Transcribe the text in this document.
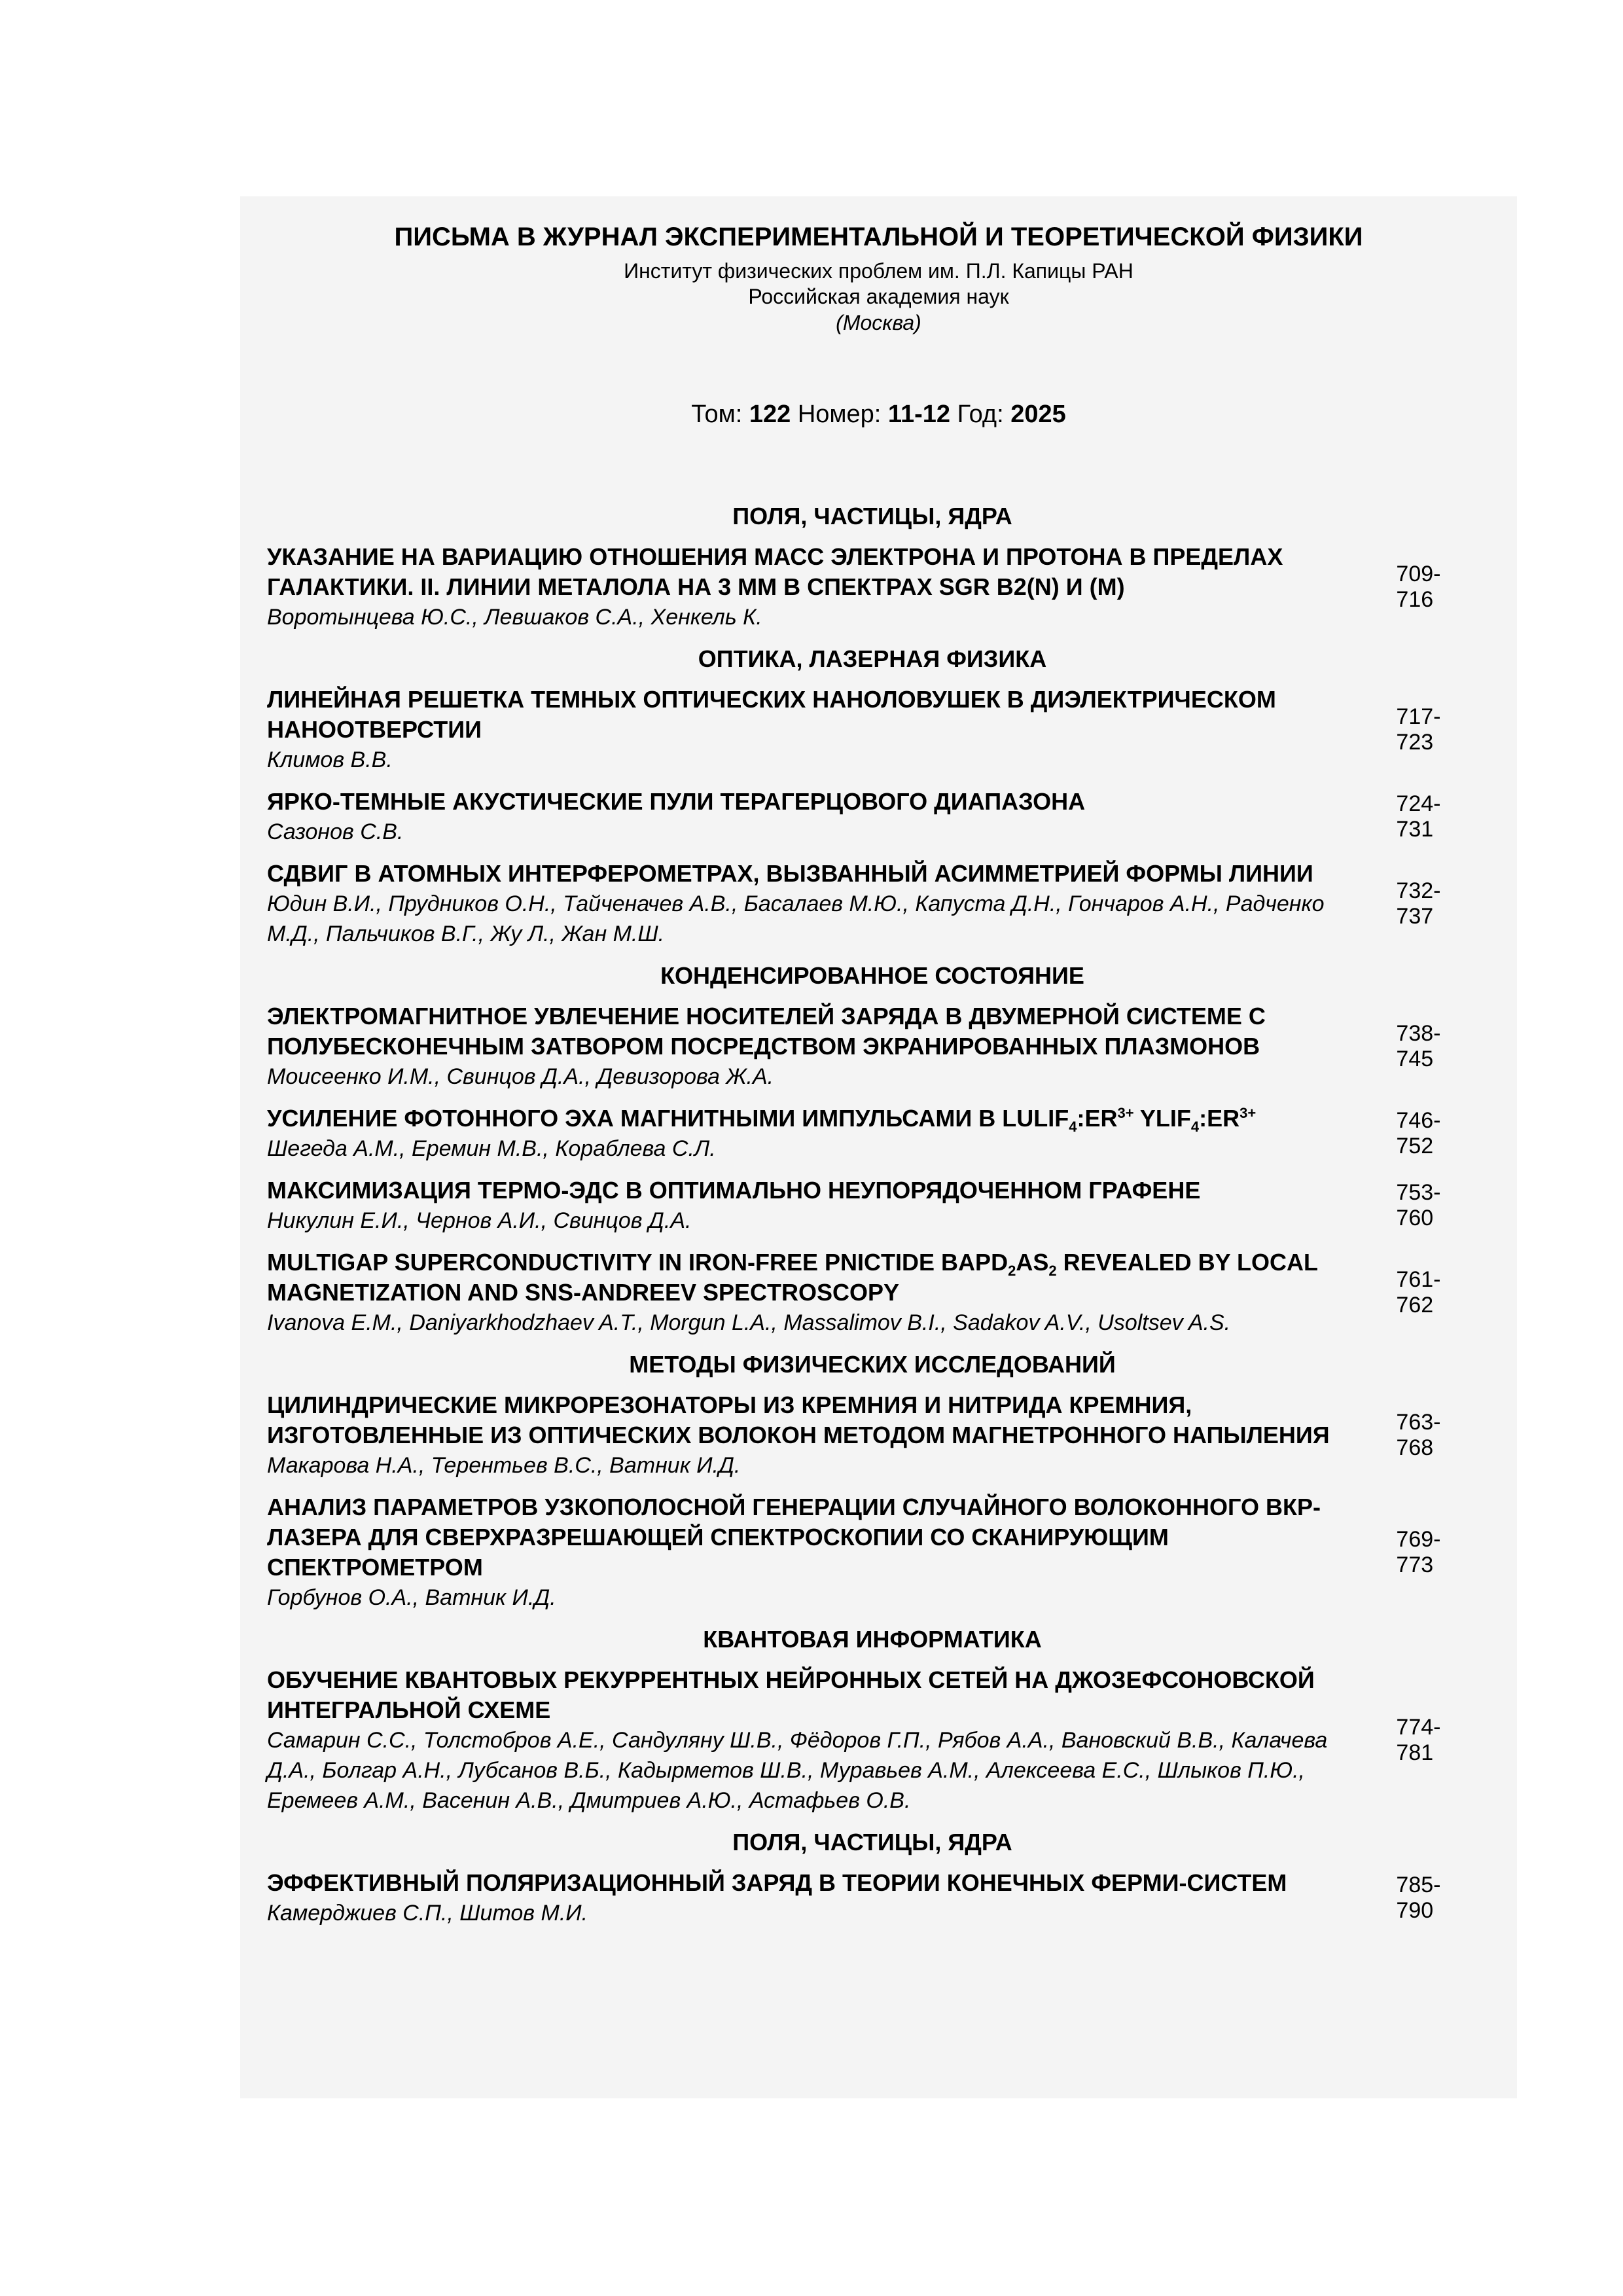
ПИСЬМА В ЖУРНАЛ ЭКСПЕРИМЕНТАЛЬНОЙ И ТЕОРЕТИЧЕСКОЙ ФИЗИКИ
Институт физических проблем им. П.Л. Капицы РАН
Российская академия наук
(Москва)
Том: 122 Номер: 11-12 Год: 2025
ПОЛЯ, ЧАСТИЦЫ, ЯДРА
УКАЗАНИЕ НА ВАРИАЦИЮ ОТНОШЕНИЯ МАСС ЭЛЕКТРОНА И ПРОТОНА В ПРЕДЕЛАХ ГАЛАКТИКИ. II. ЛИНИИ МЕТАЛОЛА НА 3 ММ В СПЕКТРАХ SGR B2(N) И (M)
Воротынцева Ю.С., Левшаков С.А., Хенкель К.
709-716
ОПТИКА, ЛАЗЕРНАЯ ФИЗИКА
ЛИНЕЙНАЯ РЕШЕТКА ТЕМНЫХ ОПТИЧЕСКИХ НАНОЛОВУШЕК В ДИЭЛЕКТРИЧЕСКОМ НАНООТВЕРСТИИ
Климов В.В.
717-723
ЯРКО-ТЕМНЫЕ АКУСТИЧЕСКИЕ ПУЛИ ТЕРАГЕРЦОВОГО ДИАПАЗОНА
Сазонов С.В.
724-731
СДВИГ В АТОМНЫХ ИНТЕРФЕРОМЕТРАХ, ВЫЗВАННЫЙ АСИММЕТРИЕЙ ФОРМЫ ЛИНИИ
Юдин В.И., Прудников О.Н., Тайченачев А.В., Басалаев М.Ю., Капуста Д.Н., Гончаров А.Н., Радченко М.Д., Пальчиков В.Г., Жу Л., Жан М.Ш.
732-737
КОНДЕНСИРОВАННОЕ СОСТОЯНИЕ
ЭЛЕКТРОМАГНИТНОЕ УВЛЕЧЕНИЕ НОСИТЕЛЕЙ ЗАРЯДА В ДВУМЕРНОЙ СИСТЕМЕ С ПОЛУБЕСКОНЕЧНЫМ ЗАТВОРОМ ПОСРЕДСТВОМ ЭКРАНИРОВАННЫХ ПЛАЗМОНОВ
Моисеенко И.М., Свинцов Д.А., Девизорова Ж.А.
738-745
УСИЛЕНИЕ ФОТОННОГО ЭХА МАГНИТНЫМИ ИМПУЛЬСАМИ В $LULIF_4:ER^{3+}$ $YLIF_4:ER^{3+}$
Шегеда А.М., Еремин М.В., Кораблева С.Л.
746-752
МАКСИМИЗАЦИЯ ТЕРМО-ЭДС В ОПТИМАЛЬНО НЕУПОРЯДОЧЕННОМ ГРАФЕНЕ
Никулин Е.И., Чернов А.И., Свинцов Д.А.
753-760
MULTIGAP SUPERCONDUCTIVITY IN IRON-FREE PNICTIDE $BAPD_2AS_2$ REVEALED BY LOCAL MAGNETIZATION AND SNS-ANDREEV SPECTROSCOPY
Ivanova E.M., Daniyarkhodzhaev A.T., Morgun L.A., Massalimov B.I., Sadakov A.V., Usoltsev A.S.
761-762
МЕТОДЫ ФИЗИЧЕСКИХ ИССЛЕДОВАНИЙ
ЦИЛИНДРИЧЕСКИЕ МИКРОРЕЗОНАТОРЫ ИЗ КРЕМНИЯ И НИТРИДА КРЕМНИЯ, ИЗГОТОВЛЕННЫЕ ИЗ ОПТИЧЕСКИХ ВОЛОКОН МЕТОДОМ МАГНЕТРОННОГО НАПЫЛЕНИЯ
Макарова Н.А., Терентьев В.С., Ватник И.Д.
763-768
АНАЛИЗ ПАРАМЕТРОВ УЗКОПОЛОСНОЙ ГЕНЕРАЦИИ СЛУЧАЙНОГО ВОЛОКОННОГО ВКР-ЛАЗЕРА ДЛЯ СВЕРХРАЗРЕШАЮЩЕЙ СПЕКТРОСКОПИИ СО СКАНИРУЮЩИМ СПЕКТРОМЕТРОМ
Горбунов О.А., Ватник И.Д.
769-773
КВАНТОВАЯ ИНФОРМАТИКА
ОБУЧЕНИЕ КВАНТОВЫХ РЕКУРРЕНТНЫХ НЕЙРОННЫХ СЕТЕЙ НА ДЖОЗЕФСОНОВСКОЙ ИНТЕГРАЛЬНОЙ СХЕМЕ
Самарин С.С., Толстобров А.Е., Сандуляну Ш.В., Фёдоров Г.П., Рябов А.А., Вановский В.В., Калачева Д.А., Болгар А.Н., Лубсанов В.Б., Кадырметов Ш.В., Муравьев А.М., Алексеева Е.С., Шлыков П.Ю., Еремеев А.М., Васенин А.В., Дмитриев А.Ю., Астафьев О.В.
774-781
ПОЛЯ, ЧАСТИЦЫ, ЯДРА
ЭФФЕКТИВНЫЙ ПОЛЯРИЗАЦИОННЫЙ ЗАРЯД В ТЕОРИИ КОНЕЧНЫХ ФЕРМИ-СИСТЕМ
Камерджиев С.П., Шитов М.И.
785-790
